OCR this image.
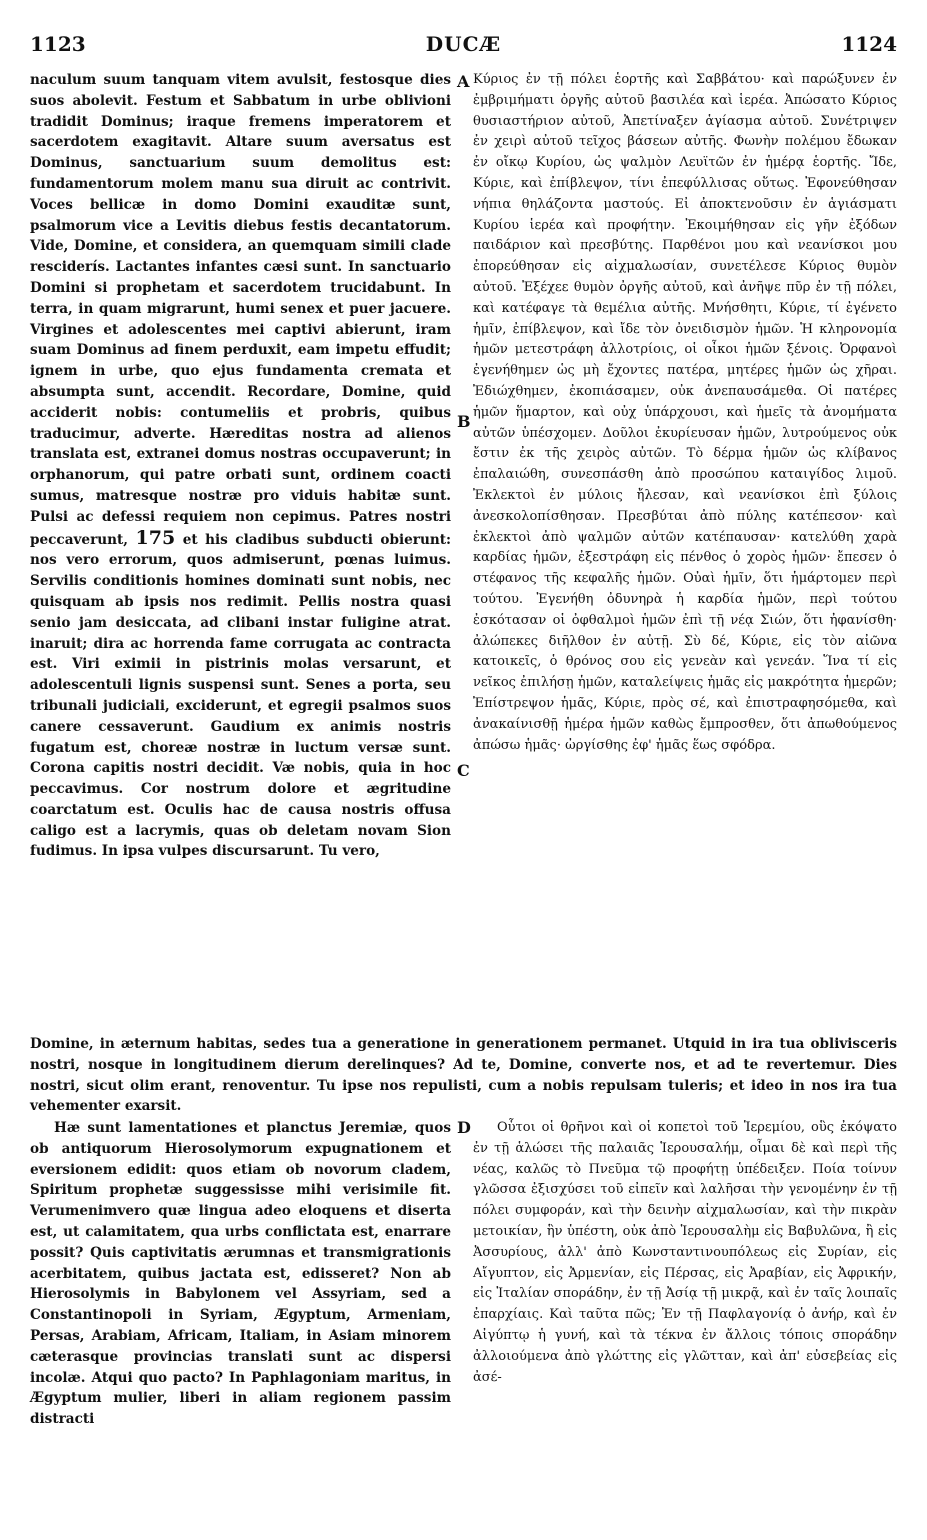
1123	DUCÆ	1124
A
B
C
D

naculum suum tanquam vitem avulsit, festosque dies suos abolevit. Festum et Sabbatum in urbe oblivioni tradidit Dominus; iraque fremens imperatorem et sacerdotem exagitavit. Altare suum aversatus est Dominus, sanctuarium suum demolitus est: fundamentorum molem manu sua diruit ac contrivit. Voces bellicæ in domo Domini exauditæ sunt, psalmorum vice a Levitis diebus festis decantatorum. Vide, Domine, et considera, an quemquam simili clade resciderís. Lactantes infantes cæsi sunt. In sanctuario Domini si prophetam et sacerdotem trucidabunt. In terra, in quam migrarunt, humi senex et puer jacuere. Virgines et adolescentes mei captivi abierunt, iram suam Dominus ad finem perduxit, eam impetu effudit; ignem in urbe, quo ejus fundamenta cremata et absumpta sunt, accendit. Recordare, Domine, quid acciderit nobis: contumeliis et probris, quibus traducimur, adverte. Hæreditas nostra ad alienos translata est, extranei domus nostras occupaverunt; in orphanorum, qui patre orbati sunt, ordinem coacti sumus, matresque nostræ pro viduis habitæ sunt. Pulsi ac defessi requiem non cepimus. Patres nostri peccaverunt, 175 et his cladibus subducti obierunt: nos vero errorum, quos admiserunt, pœnas luimus. Servilis conditionis homines dominati sunt nobis, nec quisquam ab ipsis nos redimit. Pellis nostra quasi senio jam desiccata, ad clibani instar fuligine atrat. inaruit; dira ac horrenda fame corrugata ac contracta est. Viri eximii in pistrinis molas versarunt, et adolescentuli lignis suspensi sunt. Senes a porta, seu tribunali judiciali, exciderunt, et egregii psalmos suos canere cessaverunt. Gaudium ex animis nostris fugatum est, choreæ nostræ in luctum versæ sunt. Corona capitis nostri decidit. Væ nobis, quia in hoc peccavimus. Cor nostrum dolore et ægritudine coarctatum est. Oculis hac de causa nostris offusa caligo est a lacrymis, quas ob deletam novam Sion fudimus. In ipsa vulpes discursarunt. Tu vero,

Κύριος ἐν τῇ πόλει ἑορτῆς καὶ Σαββάτου· καὶ παρώξυνεν ἐν ἐμβριμήματι ὀργῆς αὐτοῦ βασιλέα καὶ ἱερέα. Ἀπώσατο Κύριος θυσιαστήριον αὐτοῦ, Ἀπετίναξεν ἁγίασμα αὐτοῦ. Συνέτριψεν ἐν χειρὶ αὐτοῦ τεῖχος βάσεων αὐτῆς. Φωνὴν πολέμου ἔδωκαν ἐν οἴκῳ Κυρίου, ὡς ψαλμὸν Λευϊτῶν ἐν ἡμέρᾳ ἑορτῆς. Ἴδε, Κύριε, καὶ ἐπίβλεψον, τίνι ἐπεφύλλισας οὕτως. Ἐφονεύθησαν νήπια θηλάζοντα μαστούς. Εἰ ἀποκτενοῦσιν ἐν ἁγιάσματι Κυρίου ἱερέα καὶ προφήτην. Ἐκοιμήθησαν εἰς γῆν ἐξόδων παιδάριον καὶ πρεσβύτης. Παρθένοι μου καὶ νεανίσκοι μου ἐπορεύθησαν εἰς αἰχμαλωσίαν, συνετέλεσε Κύριος θυμὸν αὐτοῦ. Ἐξέχεε θυμὸν ὀργῆς αὐτοῦ, καὶ ἀνῆψε πῦρ ἐν τῇ πόλει, καὶ κατέφαγε τὰ θεμέλια αὐτῆς. Μνήσθητι, Κύριε, τί ἐγένετο ἡμῖν, ἐπίβλεψον, καὶ ἴδε τὸν ὀνειδισμὸν ἡμῶν. Ἡ κληρονομία ἡμῶν μετεστράφη ἀλλοτρίοις, οἱ οἶκοι ἡμῶν ξένοις. Ὀρφανοὶ ἐγενήθημεν ὡς μὴ ἔχοντες πατέρα, μητέρες ἡμῶν ὡς χῆραι. Ἐδιώχθημεν, ἐκοπιάσαμεν, οὐκ ἀνεπαυσάμεθα. Οἱ πατέρες ἡμῶν ἥμαρτον, καὶ οὐχ ὑπάρχουσι, καὶ ἡμεῖς τὰ ἀνομήματα αὐτῶν ὑπέσχομεν. Δοῦλοι ἐκυρίευσαν ἡμῶν, λυτρούμενος οὐκ ἔστιν ἐκ τῆς χειρὸς αὐτῶν. Τὸ δέρμα ἡμῶν ὡς κλίβανος ἐπαλαιώθη, συνεσπάσθη ἀπὸ προσώπου καταιγίδος λιμοῦ. Ἐκλεκτοὶ ἐν μύλοις ἤλεσαν, καὶ νεανίσκοι ἐπὶ ξύλοις ἀνεσκολοπίσθησαν. Πρεσβύται ἀπὸ πύλης κατέπεσον· καὶ ἐκλεκτοὶ ἀπὸ ψαλμῶν αὐτῶν κατέπαυσαν· κατελύθη χαρὰ καρδίας ἡμῶν, ἐξεστράφη εἰς πένθος ὁ χορὸς ἡμῶν· ἔπεσεν ὁ στέφανος τῆς κεφαλῆς ἡμῶν. Οὐαὶ ἡμῖν, ὅτι ἡμάρτομεν περὶ τούτου. Ἐγενήθη ὀδυνηρὰ ἡ καρδία ἡμῶν, περὶ τούτου ἐσκότασαν οἱ ὀφθαλμοὶ ἡμῶν ἐπὶ τῇ νέᾳ Σιών, ὅτι ἠφανίσθη· ἀλώπεκες διῆλθον ἐν αὐτῇ. Σὺ δέ, Κύριε, εἰς τὸν αἰῶνα κατοικεῖς, ὁ θρόνος σου εἰς γενεὰν καὶ γενεάν. Ἵνα τί εἰς νεῖκος ἐπιλήσῃ ἡμῶν, καταλείψεις ἡμᾶς εἰς μακρότητα ἡμερῶν; Ἐπίστρεψον ἡμᾶς, Κύριε, πρὸς σέ, καὶ ἐπιστραφησόμεθα, καὶ ἀνακαίνισθῇ ἡμέρα ἡμῶν καθὼς ἔμπροσθεν, ὅτι ἀπωθούμενος ἀπώσω ἡμᾶς· ὠργίσθης ἐφ' ἡμᾶς ἕως σφόδρα.

Domine, in æternum habitas, sedes tua a generatione in generationem permanet. Utquid in ira tua oblivisceris nostri, nosque in longitudinem dierum derelinques? Ad te, Domine, converte nos, et ad te revertemur. Dies nostri, sicut olim erant, renoventur. Tu ipse nos repulisti, cum a nobis repulsam tuleris; et ideo in nos ira tua vehementer exarsit.

Hæ sunt lamentationes et planctus Jeremiæ, quos ob antiquorum Hierosolymorum expugnationem et eversionem edidit: quos etiam ob novorum cladem, Spiritum prophetæ suggessisse mihi verisimile fit. Verumenimvero quæ lingua adeo eloquens et diserta est, ut calamitatem, qua urbs conflictata est, enarrare possit? Quis captivitatis ærumnas et transmigrationis acerbitatem, quibus jactata est, edisseret? Non ab Hierosolymis in Babylonem vel Assyriam, sed a Constantinopoli in Syriam, Ægyptum, Armeniam, Persas, Arabiam, Africam, Italiam, in Asiam minorem cæterasque provincias translati sunt ac dispersi incolæ. Atqui quo pacto? In Paphlagoniam maritus, in Ægyptum mulier, liberi in aliam regionem passim distracti

Οὗτοι οἱ θρῆνοι καὶ οἱ κοπετοὶ τοῦ Ἱερεμίου, οὓς ἐκόψατο ἐν τῇ ἁλώσει τῆς παλαιᾶς Ἱερουσαλήμ, οἶμαι δὲ καὶ περὶ τῆς νέας, καλῶς τὸ Πνεῦμα τῷ προφήτῃ ὑπέδειξεν. Ποία τοίνυν γλῶσσα ἐξισχύσει τοῦ εἰπεῖν καὶ λαλῆσαι τὴν γενομένην ἐν τῇ πόλει συμφοράν, καὶ τὴν δεινὴν αἰχμαλωσίαν, καὶ τὴν πικρὰν μετοικίαν, ἣν ὑπέστη, οὐκ ἀπὸ Ἱερουσαλὴμ εἰς Βαβυλῶνα, ἢ εἰς Ἀσσυρίους, ἀλλ' ἀπὸ Κωνσταντινουπόλεως εἰς Συρίαν, εἰς Αἴγυπτον, εἰς Ἀρμενίαν, εἰς Πέρσας, εἰς Ἀραβίαν, εἰς Ἀφρικήν, εἰς Ἰταλίαν σποράδην, ἐν τῇ Ἀσίᾳ τῇ μικρᾷ, καὶ ἐν ταῖς λοιπαῖς ἐπαρχίαις. Καὶ ταῦτα πῶς; Ἐν τῇ Παφλαγονίᾳ ὁ ἀνήρ, καὶ ἐν Αἰγύπτῳ ἡ γυνή, καὶ τὰ τέκνα ἐν ἄλλοις τόποις σποράδην ἀλλοιούμενα ἀπὸ γλώττης εἰς γλῶτταν, καὶ ἀπ' εὐσεβείας εἰς ἀσέ-
